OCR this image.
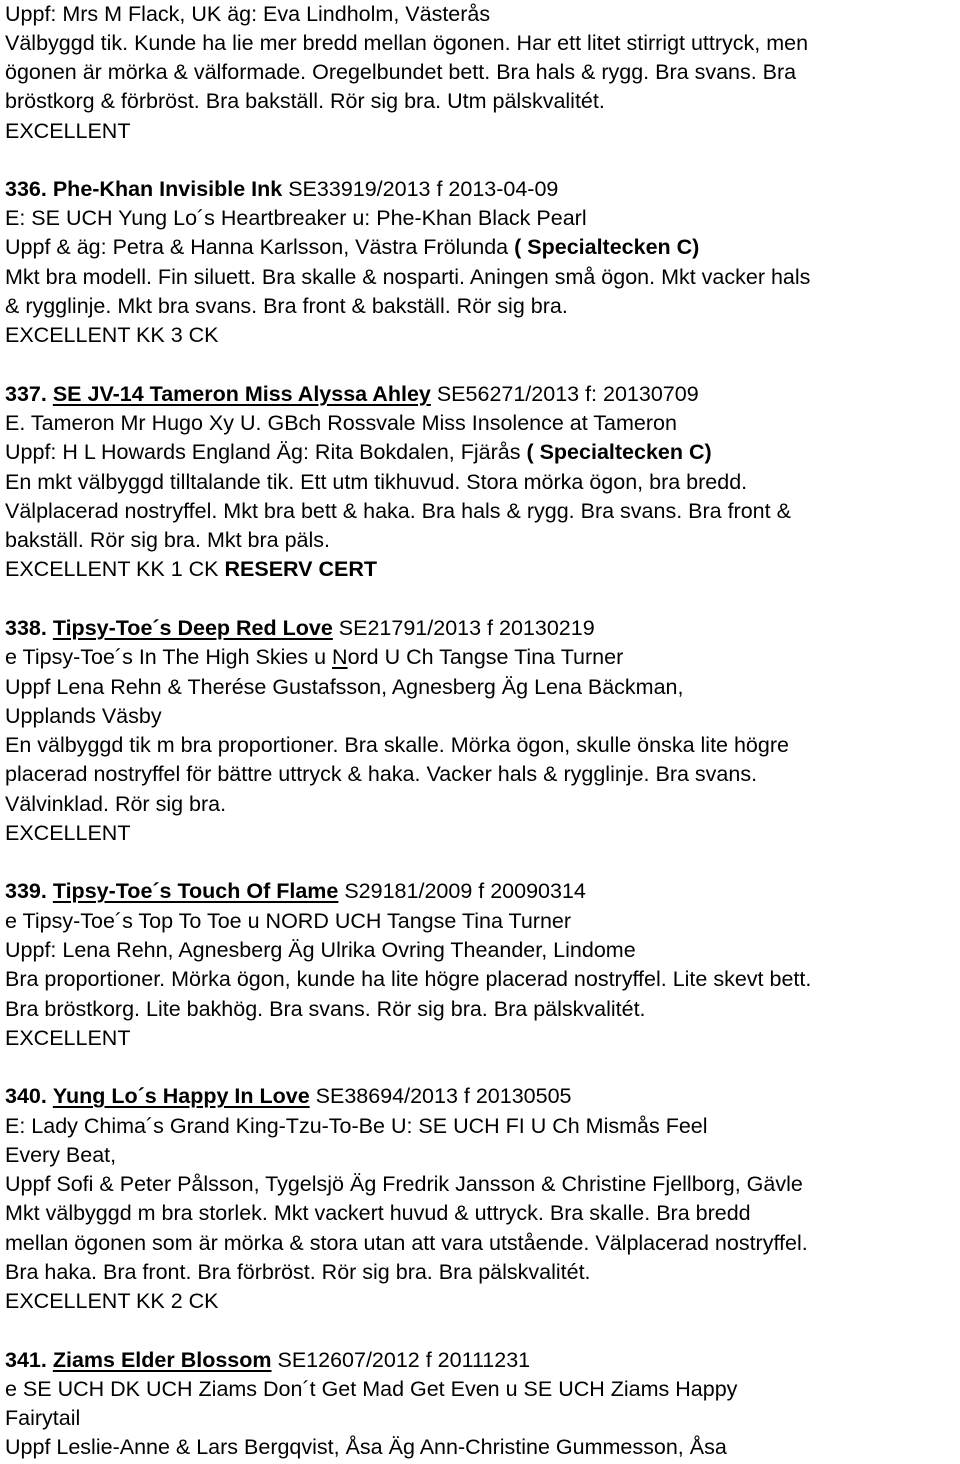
Uppf: Mrs M Flack, UK äg: Eva Lindholm, Västerås
Välbyggd tik. Kunde ha lie mer bredd mellan ögonen. Har ett litet stirrigt uttryck, men
ögonen är mörka & välformade. Oregelbundet bett. Bra hals & rygg. Bra svans. Bra
bröstkorg & förbröst. Bra bakställ. Rör sig bra. Utm pälskvalitét.
EXCELLENT
336. Phe-Khan Invisible Ink SE33919/2013 f 2013-04-09
E: SE UCH Yung Lo´s Heartbreaker u: Phe-Khan Black Pearl
Uppf & äg: Petra & Hanna Karlsson, Västra Frölunda ( Specialtecken C)
Mkt bra modell. Fin siluett. Bra skalle & nosparti. Aningen små ögon. Mkt vacker hals
& rygglinje. Mkt bra svans. Bra front & bakställ. Rör sig bra.
EXCELLENT KK 3 CK
337. SE JV-14 Tameron Miss Alyssa Ahley SE56271/2013 f: 20130709
E. Tameron Mr Hugo Xy U. GBch Rossvale Miss Insolence at Tameron
Uppf: H L Howards England Äg: Rita Bokdalen, Fjärås ( Specialtecken C)
En mkt välbyggd tilltalande tik. Ett utm tikhuvud. Stora mörka ögon, bra bredd.
Välplacerad nostryffel. Mkt bra bett & haka. Bra hals & rygg. Bra svans. Bra front &
bakställ. Rör sig bra. Mkt bra päls.
EXCELLENT KK 1 CK RESERV CERT
338. Tipsy-Toe´s Deep Red Love SE21791/2013 f 20130219
e Tipsy-Toe´s In The High Skies u Nord U Ch Tangse Tina Turner
Uppf Lena Rehn & Therése Gustafsson, Agnesberg Äg Lena Bäckman,
Upplands Väsby
En välbyggd tik m bra proportioner. Bra skalle. Mörka ögon, skulle önska lite högre
placerad nostryffel för bättre uttryck & haka. Vacker hals & rygglinje. Bra svans.
Välvinklad. Rör sig bra.
EXCELLENT
339. Tipsy-Toe´s Touch Of Flame S29181/2009 f 20090314
e Tipsy-Toe´s Top To Toe u NORD UCH Tangse Tina Turner
Uppf: Lena Rehn, Agnesberg Äg Ulrika Ovring Theander, Lindome
Bra proportioner. Mörka ögon, kunde ha lite högre placerad nostryffel. Lite skevt bett.
Bra bröstkorg. Lite bakhög. Bra svans. Rör sig bra. Bra pälskvalitét.
EXCELLENT
340. Yung Lo´s Happy In Love SE38694/2013 f 20130505
E: Lady Chima´s Grand King-Tzu-To-Be U: SE UCH FI U Ch Mismås Feel
Every Beat,
Uppf Sofi & Peter Pålsson, Tygelsjö Äg Fredrik Jansson & Christine Fjellborg, Gävle
Mkt välbyggd m bra storlek. Mkt vackert huvud & uttryck. Bra skalle. Bra bredd
mellan ögonen som är mörka & stora utan att vara utstående. Välplacerad nostryffel.
Bra haka. Bra front. Bra förbröst. Rör sig bra. Bra pälskvalitét.
EXCELLENT KK 2 CK
341. Ziams Elder Blossom SE12607/2012 f 20111231
e SE UCH DK UCH Ziams Don´t Get Mad Get Even u SE UCH Ziams Happy
Fairytail
Uppf Leslie-Anne & Lars Bergqvist, Åsa Äg Ann-Christine Gummesson, Åsa
